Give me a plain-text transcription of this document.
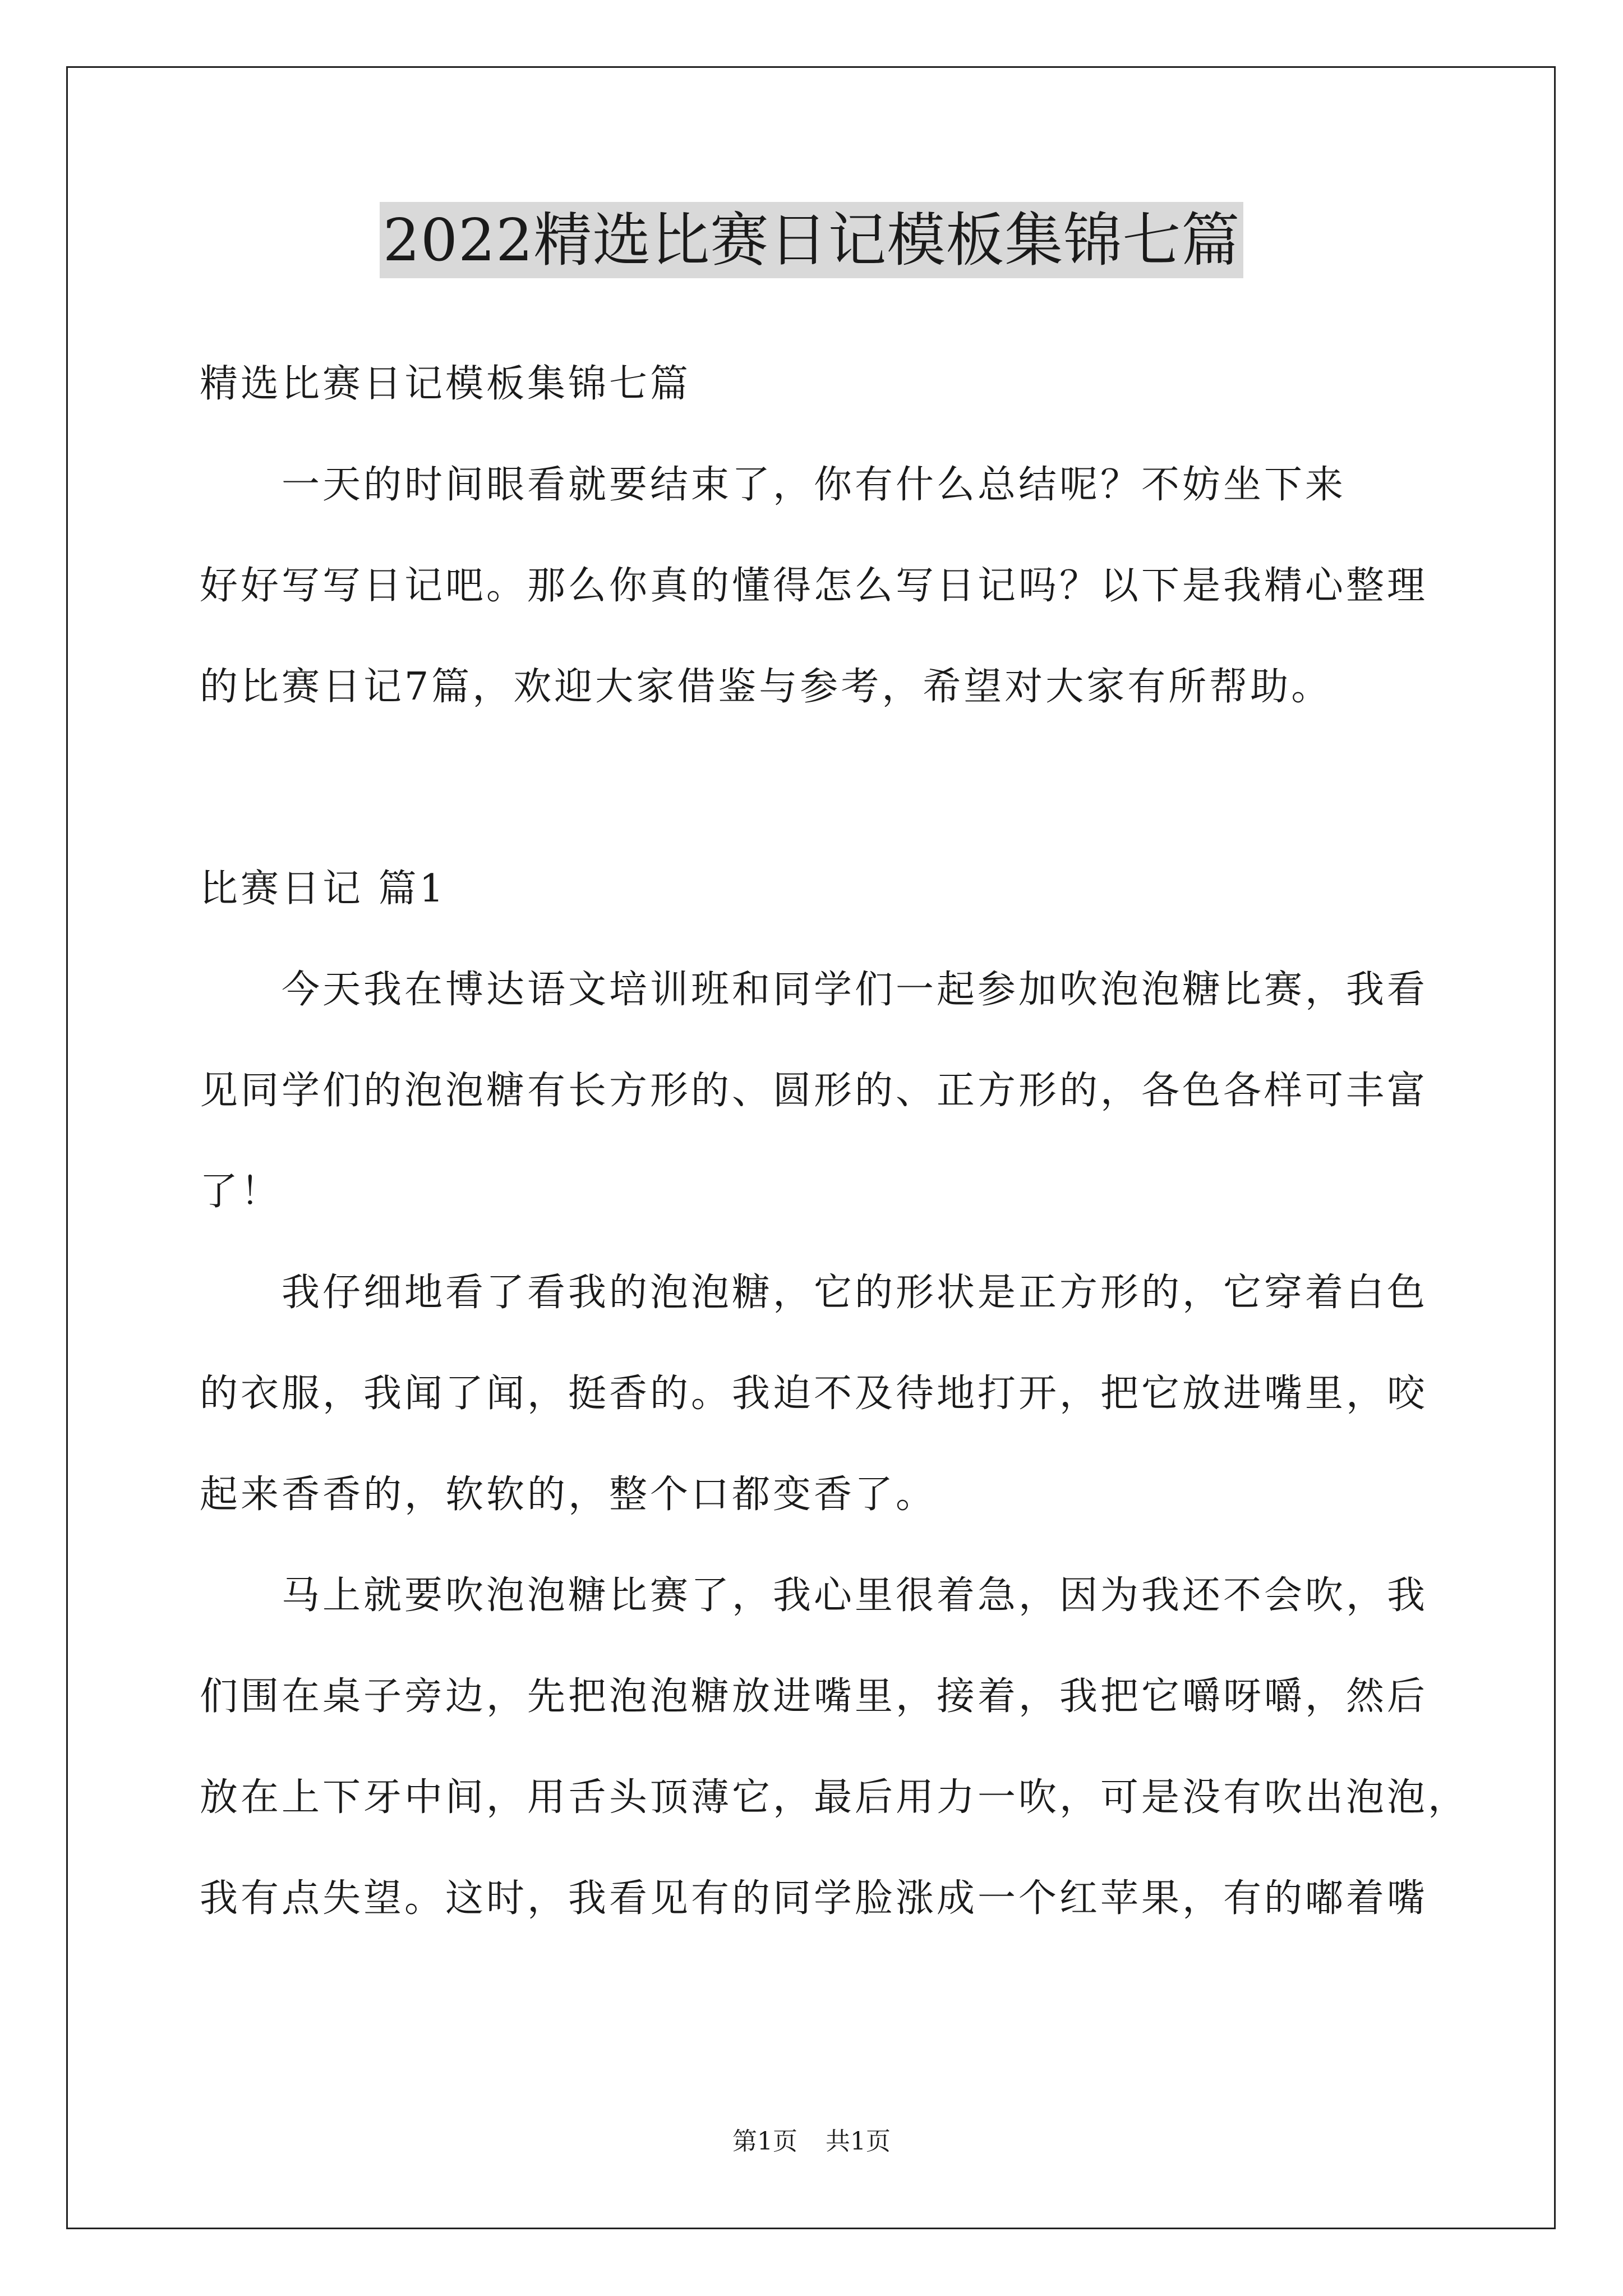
2022精选比赛日记模板集锦七篇
精选比赛日记模板集锦七篇
　　一天的时间眼看就要结束了，你有什么总结呢？不妨坐下来
好好写写日记吧。那么你真的懂得怎么写日记吗？以下是我精心整理
的比赛日记7篇，欢迎大家借鉴与参考，希望对大家有所帮助。
比赛日记 篇1
　　今天我在博达语文培训班和同学们一起参加吹泡泡糖比赛，我看
见同学们的泡泡糖有长方形的、圆形的、正方形的，各色各样可丰富
了！
　　我仔细地看了看我的泡泡糖，它的形状是正方形的，它穿着白色
的衣服，我闻了闻，挺香的。我迫不及待地打开，把它放进嘴里，咬
起来香香的，软软的，整个口都变香了。
　　马上就要吹泡泡糖比赛了，我心里很着急，因为我还不会吹，我
们围在桌子旁边，先把泡泡糖放进嘴里，接着，我把它嚼呀嚼，然后
放在上下牙中间，用舌头顶薄它，最后用力一吹，可是没有吹出泡泡，
我有点失望。这时，我看见有的同学脸涨成一个红苹果，有的嘟着嘴
第1页 共1页
